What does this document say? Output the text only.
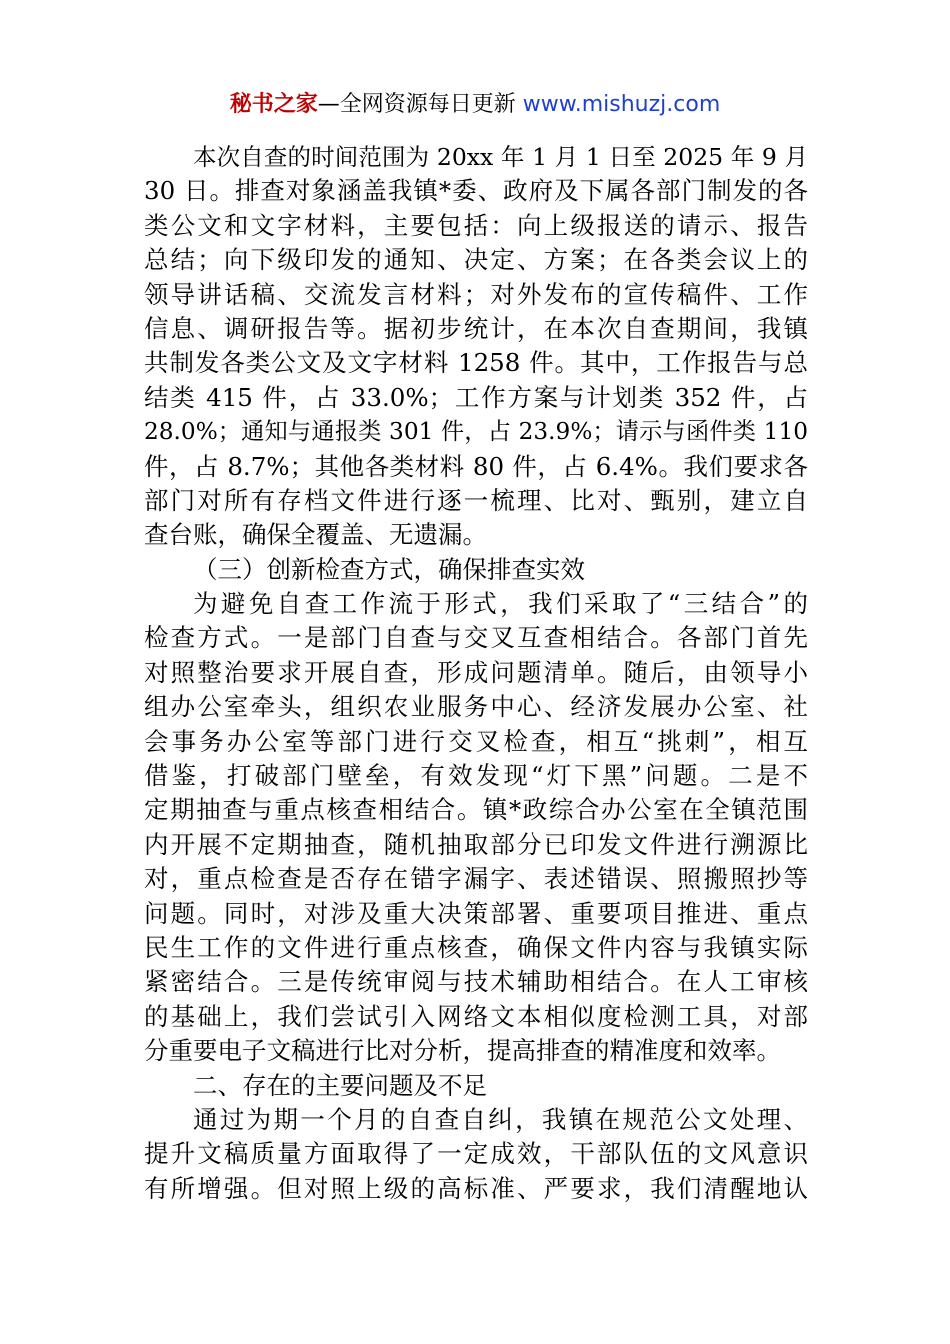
秘书之家—全网资源每日更新 www.mishuzj.com
本次自查的时间范围为 20xx 年 1 月 1 日至 2025 年 9 月
30 日。排查对象涵盖我镇*委、政府及下属各部门制发的各
类公文和文字材料，主要包括：向上级报送的请示、报告
总结；向下级印发的通知、决定、方案；在各类会议上的
领导讲话稿、交流发言材料；对外发布的宣传稿件、工作
信息、调研报告等。据初步统计，在本次自查期间，我镇
共制发各类公文及文字材料 1258 件。其中，工作报告与总
结类 415 件，占 33.0%；工作方案与计划类 352 件，占
28.0%；通知与通报类 301 件，占 23.9%；请示与函件类 110
件，占 8.7%；其他各类材料 80 件，占 6.4%。我们要求各
部门对所有存档文件进行逐一梳理、比对、甄别，建立自
查台账，确保全覆盖、无遗漏。
（三）创新检查方式，确保排查实效
为避免自查工作流于形式，我们采取了“三结合”的
检查方式。一是部门自查与交叉互查相结合。各部门首先
对照整治要求开展自查，形成问题清单。随后，由领导小
组办公室牵头，组织农业服务中心、经济发展办公室、社
会事务办公室等部门进行交叉检查，相互“挑刺”，相互
借鉴，打破部门壁垒，有效发现“灯下黑”问题。二是不
定期抽查与重点核查相结合。镇*政综合办公室在全镇范围
内开展不定期抽查，随机抽取部分已印发文件进行溯源比
对，重点检查是否存在错字漏字、表述错误、照搬照抄等
问题。同时，对涉及重大决策部署、重要项目推进、重点
民生工作的文件进行重点核查，确保文件内容与我镇实际
紧密结合。三是传统审阅与技术辅助相结合。在人工审核
的基础上，我们尝试引入网络文本相似度检测工具，对部
分重要电子文稿进行比对分析，提高排查的精准度和效率。
二、存在的主要问题及不足
通过为期一个月的自查自纠，我镇在规范公文处理、
提升文稿质量方面取得了一定成效，干部队伍的文风意识
有所增强。但对照上级的高标准、严要求，我们清醒地认
